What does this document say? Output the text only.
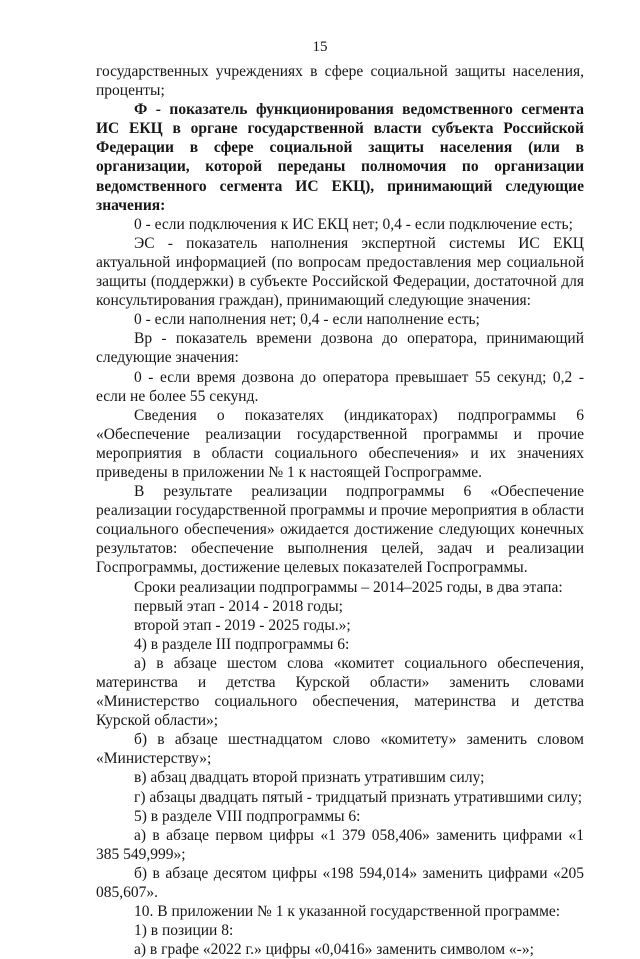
15

государственных учреждениях в сфере социальной защиты населения, проценты;

Ф - показатель функционирования ведомственного сегмента ИС ЕКЦ в органе государственной власти субъекта Российской Федерации в сфере социальной защиты населения (или в организации, которой переданы полномочия по организации ведомственного сегмента ИС ЕКЦ), принимающий следующие значения:

0 - если подключения к ИС ЕКЦ нет; 0,4 - если подключение есть;

ЭС - показатель наполнения экспертной системы ИС ЕКЦ актуальной информацией (по вопросам предоставления мер социальной защиты (поддержки) в субъекте Российской Федерации, достаточной для консультирования граждан), принимающий следующие значения:

0 - если наполнения нет; 0,4 - если наполнение есть;

Вр - показатель времени дозвона до оператора, принимающий следующие значения:

0 - если время дозвона до оператора превышает 55 секунд; 0,2 - если не более 55 секунд.

Сведения о показателях (индикаторах) подпрограммы 6 «Обеспечение реализации государственной программы и прочие мероприятия в области социального обеспечения» и их значениях приведены в приложении № 1 к настоящей Госпрограмме.

В результате реализации подпрограммы 6 «Обеспечение реализации государственной программы и прочие мероприятия в области социального обеспечения» ожидается достижение следующих конечных результатов: обеспечение выполнения целей, задач и реализации Госпрограммы, достижение целевых показателей Госпрограммы.

Сроки реализации подпрограммы – 2014–2025 годы, в два этапа:

первый этап - 2014 - 2018 годы;

второй этап - 2019 - 2025 годы.»;

4) в разделе III подпрограммы 6:

а) в абзаце шестом слова «комитет социального обеспечения, материнства и детства Курской области» заменить словами «Министерство социального обеспечения, материнства и детства Курской области»;

б) в абзаце шестнадцатом слово «комитету» заменить словом «Министерству»;

в) абзац двадцать второй признать утратившим силу;

г) абзацы двадцать пятый - тридцатый признать утратившими силу;

5) в разделе VIII подпрограммы 6:

а) в абзаце первом цифры «1 379 058,406» заменить цифрами «1 385 549,999»;

б) в абзаце десятом цифры «198 594,014» заменить цифрами «205 085,607».

10. В приложении № 1 к указанной государственной программе:

1) в позиции 8:

а) в графе «2022 г.» цифры «0,0416» заменить символом «-»;
